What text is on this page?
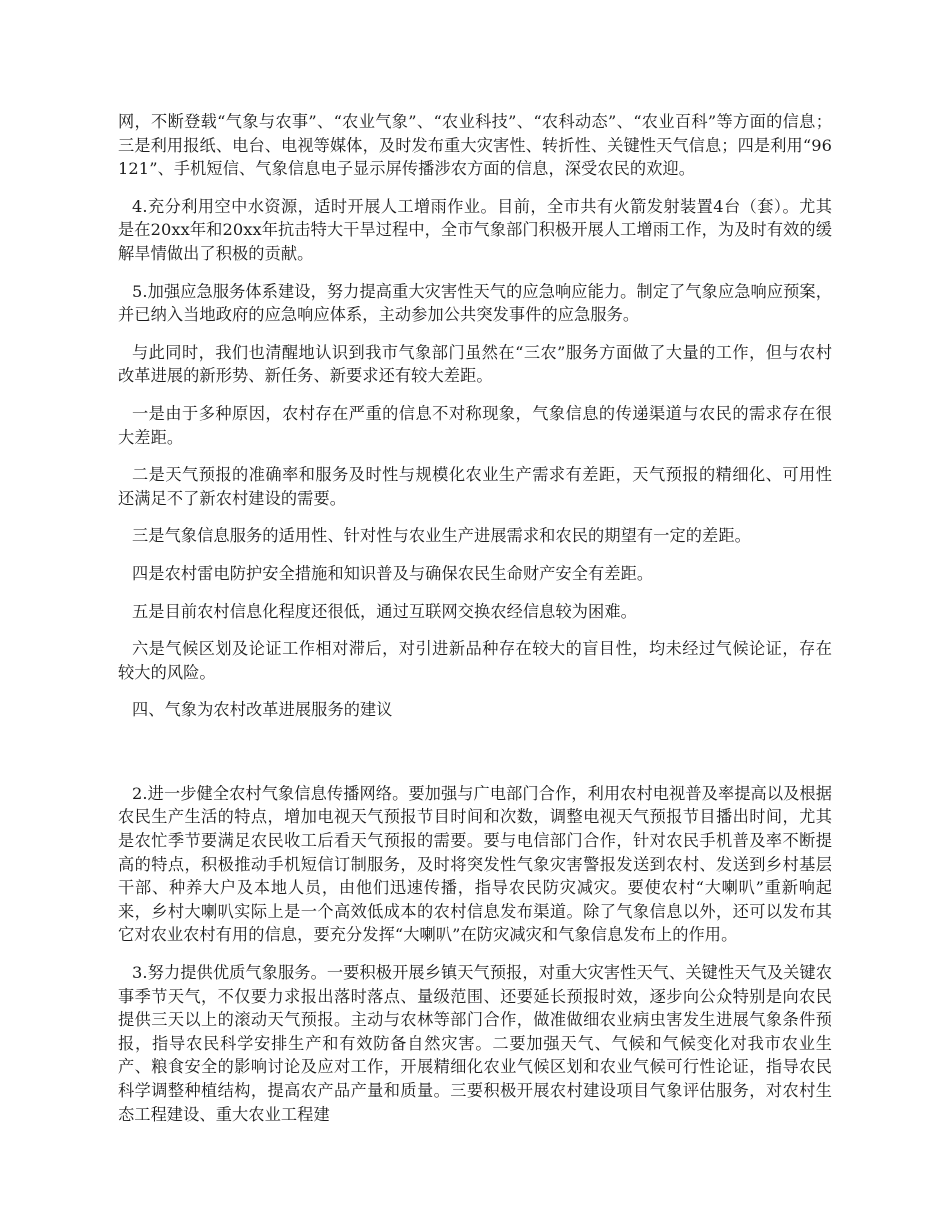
网，不断登载“气象与农事”、“农业气象”、“农业科技”、“农科动态”、“农业百科”等方面的信息；三是利用报纸、电台、电视等媒体，及时发布重大灾害性、转折性、关键性天气信息；四是利用“96121”、手机短信、气象信息电子显示屏传播涉农方面的信息，深受农民的欢迎。

4.充分利用空中水资源，适时开展人工增雨作业。目前，全市共有火箭发射装置4台（套）。尤其是在20xx年和20xx年抗击特大干旱过程中，全市气象部门积极开展人工增雨工作，为及时有效的缓解旱情做出了积极的贡献。

5.加强应急服务体系建设，努力提高重大灾害性天气的应急响应能力。制定了气象应急响应预案，并已纳入当地政府的应急响应体系，主动参加公共突发事件的应急服务。

与此同时，我们也清醒地认识到我市气象部门虽然在“三农”服务方面做了大量的工作，但与农村改革进展的新形势、新任务、新要求还有较大差距。

一是由于多种原因，农村存在严重的信息不对称现象，气象信息的传递渠道与农民的需求存在很大差距。

二是天气预报的准确率和服务及时性与规模化农业生产需求有差距，天气预报的精细化、可用性还满足不了新农村建设的需要。

三是气象信息服务的适用性、针对性与农业生产进展需求和农民的期望有一定的差距。

四是农村雷电防护安全措施和知识普及与确保农民生命财产安全有差距。

五是目前农村信息化程度还很低，通过互联网交换农经信息较为困难。

六是气候区划及论证工作相对滞后，对引进新品种存在较大的盲目性，均未经过气候论证，存在较大的风险。

四、气象为农村改革进展服务的建议

2.进一步健全农村气象信息传播网络。要加强与广电部门合作，利用农村电视普及率提高以及根据农民生产生活的特点，增加电视天气预报节目时间和次数，调整电视天气预报节目播出时间，尤其是农忙季节要满足农民收工后看天气预报的需要。要与电信部门合作，针对农民手机普及率不断提高的特点，积极推动手机短信订制服务，及时将突发性气象灾害警报发送到农村、发送到乡村基层干部、种养大户及本地人员，由他们迅速传播，指导农民防灾减灾。要使农村“大喇叭”重新响起来，乡村大喇叭实际上是一个高效低成本的农村信息发布渠道。除了气象信息以外，还可以发布其它对农业农村有用的信息，要充分发挥“大喇叭”在防灾减灾和气象信息发布上的作用。

3.努力提供优质气象服务。一要积极开展乡镇天气预报，对重大灾害性天气、关键性天气及关键农事季节天气，不仅要力求报出落时落点、量级范围、还要延长预报时效，逐步向公众特别是向农民提供三天以上的滚动天气预报。主动与农林等部门合作，做准做细农业病虫害发生进展气象条件预报，指导农民科学安排生产和有效防备自然灾害。二要加强天气、气候和气候变化对我市农业生产、粮食安全的影响讨论及应对工作，开展精细化农业气候区划和农业气候可行性论证，指导农民科学调整种植结构，提高农产品产量和质量。三要积极开展农村建设项目气象评估服务，对农村生态工程建设、重大农业工程建
